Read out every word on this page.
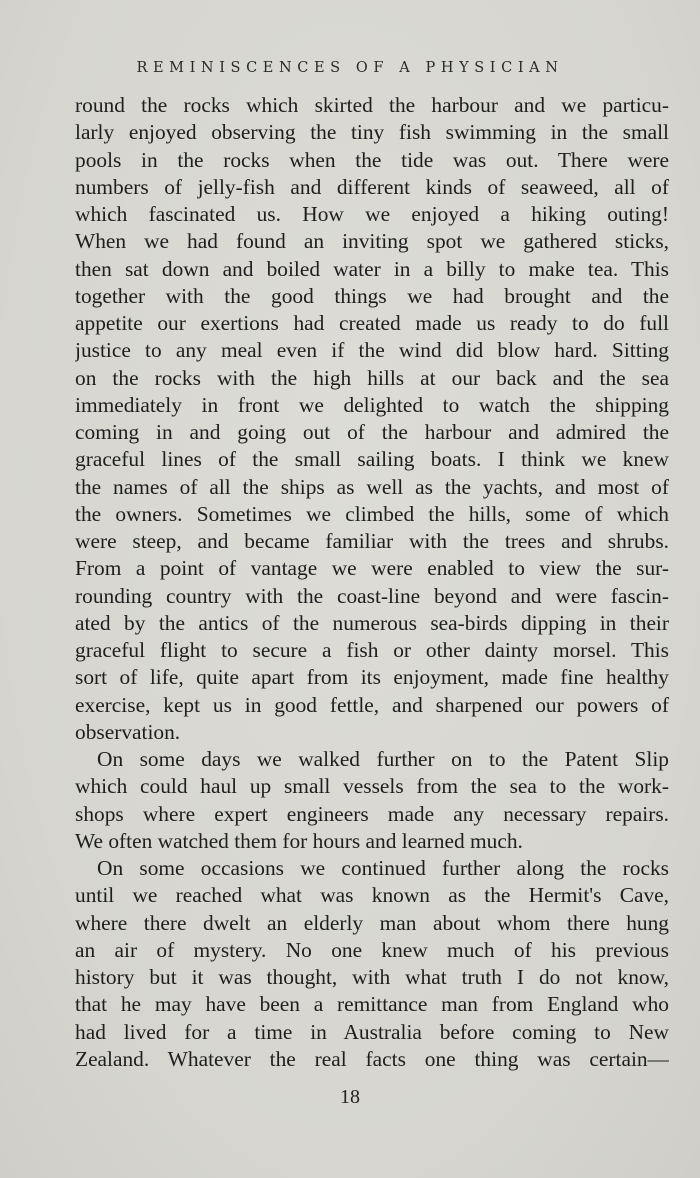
REMINISCENCES OF A PHYSICIAN
round the rocks which skirted the harbour and we particu-
larly enjoyed observing the tiny fish swimming in the small
pools in the rocks when the tide was out. There were
numbers of jelly-fish and different kinds of seaweed, all of
which fascinated us. How we enjoyed a hiking outing!
When we had found an inviting spot we gathered sticks,
then sat down and boiled water in a billy to make tea. This
together with the good things we had brought and the
appetite our exertions had created made us ready to do full
justice to any meal even if the wind did blow hard. Sitting
on the rocks with the high hills at our back and the sea
immediately in front we delighted to watch the shipping
coming in and going out of the harbour and admired the
graceful lines of the small sailing boats. I think we knew
the names of all the ships as well as the yachts, and most of
the owners. Sometimes we climbed the hills, some of which
were steep, and became familiar with the trees and shrubs.
From a point of vantage we were enabled to view the sur-
rounding country with the coast-line beyond and were fascin-
ated by the antics of the numerous sea-birds dipping in their
graceful flight to secure a fish or other dainty morsel. This
sort of life, quite apart from its enjoyment, made fine healthy
exercise, kept us in good fettle, and sharpened our powers of
observation.
On some days we walked further on to the Patent Slip
which could haul up small vessels from the sea to the work-
shops where expert engineers made any necessary repairs.
We often watched them for hours and learned much.
On some occasions we continued further along the rocks
until we reached what was known as the Hermit's Cave,
where there dwelt an elderly man about whom there hung
an air of mystery. No one knew much of his previous
history but it was thought, with what truth I do not know,
that he may have been a remittance man from England who
had lived for a time in Australia before coming to New
Zealand. Whatever the real facts one thing was certain—
18
